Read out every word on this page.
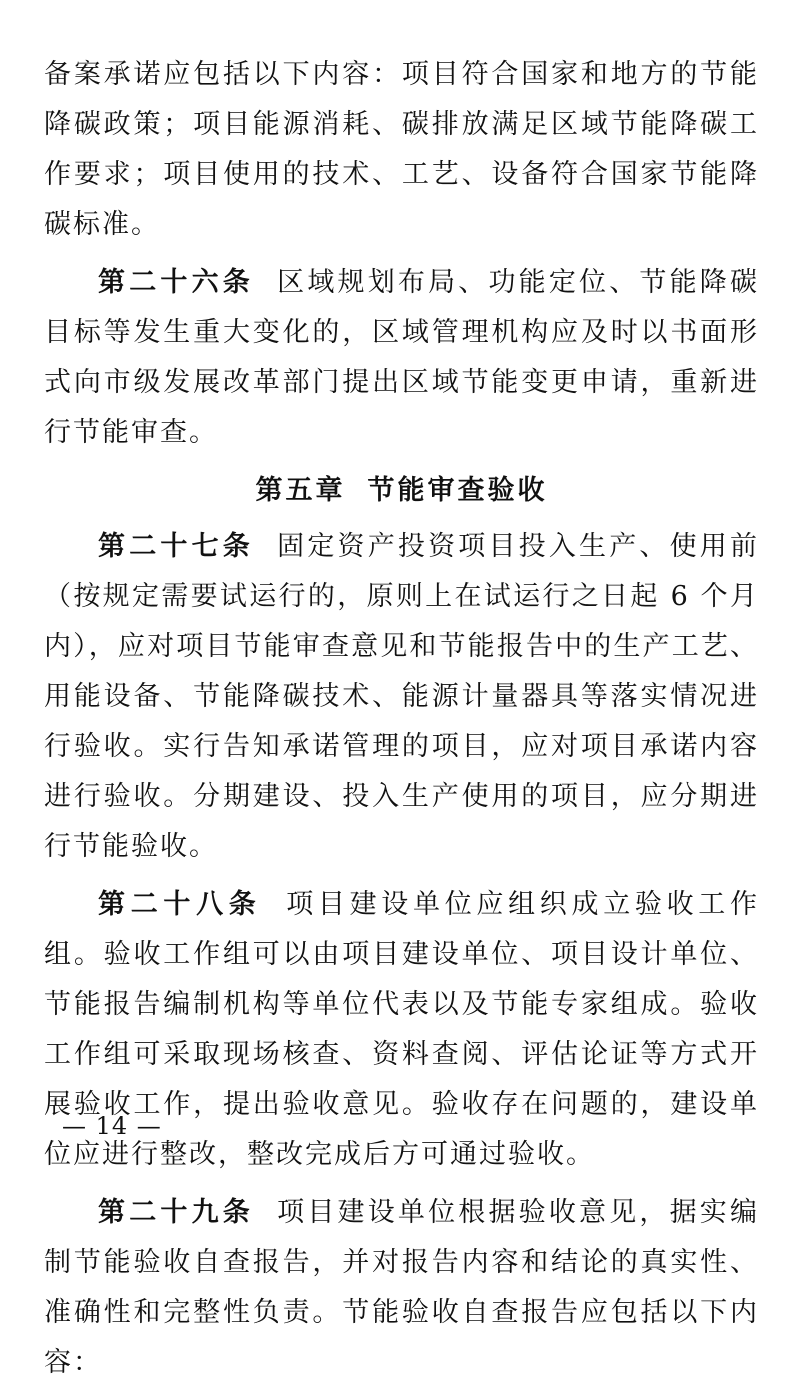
备案承诺应包括以下内容：项目符合国家和地方的节能降碳政策；项目能源消耗、碳排放满足区域节能降碳工作要求；项目使用的技术、工艺、设备符合国家节能降碳标准。

第二十六条 区域规划布局、功能定位、节能降碳目标等发生重大变化的，区域管理机构应及时以书面形式向市级发展改革部门提出区域节能变更申请，重新进行节能审查。

第五章 节能审查验收

第二十七条 固定资产投资项目投入生产、使用前（按规定需要试运行的，原则上在试运行之日起 6 个月内），应对项目节能审查意见和节能报告中的生产工艺、用能设备、节能降碳技术、能源计量器具等落实情况进行验收。实行告知承诺管理的项目，应对项目承诺内容进行验收。分期建设、投入生产使用的项目，应分期进行节能验收。

第二十八条 项目建设单位应组织成立验收工作组。验收工作组可以由项目建设单位、项目设计单位、节能报告编制机构等单位代表以及节能专家组成。验收工作组可采取现场核查、资料查阅、评估论证等方式开展验收工作，提出验收意见。验收存在问题的，建设单位应进行整改，整改完成后方可通过验收。

第二十九条 项目建设单位根据验收意见，据实编制节能验收自查报告，并对报告内容和结论的真实性、准确性和完整性负责。节能验收自查报告应包括以下内容：

— 14 —
